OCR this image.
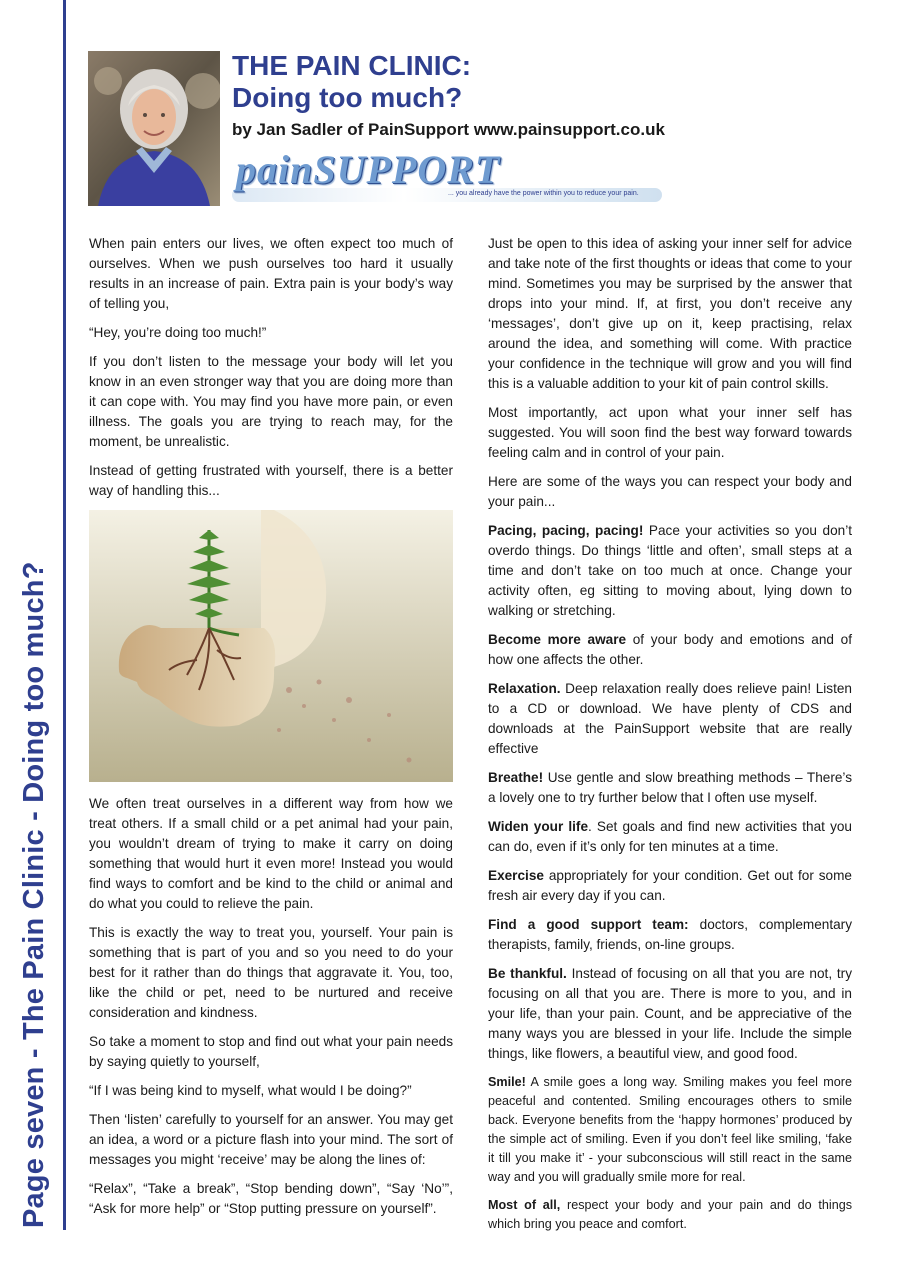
Page seven - The Pain Clinic - Doing too much?
THE PAIN CLINIC:
Doing too much?

by Jan Sadler of PainSupport www.painsupport.co.uk

painSUPPORT
... you already have the power within you to reduce your pain.

When pain enters our lives, we often expect too much of ourselves. When we push ourselves too hard it usually results in an increase of pain. Extra pain is your body’s way of telling you,

“Hey, you’re doing too much!”

If you don’t listen to the message your body will let you know in an even stronger way that you are doing more than it can cope with. You may find you have more pain, or even illness. The goals you are trying to reach may, for the moment, be unrealistic.

Instead of getting frustrated with yourself, there is a better way of handling this...

We often treat ourselves in a different way from how we treat others. If a small child or a pet animal had your pain, you wouldn’t dream of trying to make it carry on doing something that would hurt it even more! Instead you would find ways to comfort and be kind to the child or animal and do what you could to relieve the pain.

This is exactly the way to treat you, yourself. Your pain is something that is part of you and so you need to do your best for it rather than do things that aggravate it. You, too, like the child or pet, need to be nurtured and receive consideration and kindness.

So take a moment to stop and find out what your pain needs by saying quietly to yourself,

“If I was being kind to myself, what would I be doing?”

Then ‘listen’ carefully to yourself for an answer. You may get an idea, a word or a picture flash into your mind. The sort of messages you might ‘receive’ may be along the lines of:

“Relax”, “Take a break”, “Stop bending down”, “Say ‘No’”, “Ask for more help” or “Stop putting pressure on yourself”.

Just be open to this idea of asking your inner self for advice and take note of the first thoughts or ideas that come to your mind. Sometimes you may be surprised by the answer that drops into your mind. If, at first, you don’t receive any ‘messages’, don’t give up on it, keep practising, relax around the idea, and something will come. With practice your confidence in the technique will grow and you will find this is a valuable addition to your kit of pain control skills.

Most importantly, act upon what your inner self has suggested. You will soon find the best way forward towards feeling calm and in control of your pain.

Here are some of the ways you can respect your body and your pain...

Pacing, pacing, pacing! Pace your activities so you don’t overdo things. Do things ‘little and often’, small steps at a time and don’t take on too much at once. Change your activity often, eg sitting to moving about, lying down to walking or stretching.

Become more aware of your body and emotions and of how one affects the other.

Relaxation. Deep relaxation really does relieve pain! Listen to a CD or download. We have plenty of CDS and downloads at the PainSupport website that are really effective

Breathe! Use gentle and slow breathing methods – There’s a lovely one to try further below that I often use myself.

Widen your life. Set goals and find new activities that you can do, even if it’s only for ten minutes at a time.

Exercise appropriately for your condition. Get out for some fresh air every day if you can.

Find a good support team: doctors, complementary therapists, family, friends, on-line groups.

Be thankful. Instead of focusing on all that you are not, try focusing on all that you are. There is more to you, and in your life, than your pain. Count, and be appreciative of the many ways you are blessed in your life. Include the simple things, like flowers, a beautiful view, and good food.

Smile! A smile goes a long way. Smiling makes you feel more peaceful and contented. Smiling encourages others to smile back. Everyone benefits from the ‘happy hormones’ produced by the simple act of smiling. Even if you don’t feel like smiling, ‘fake it till you make it’ - your subconscious will still react in the same way and you will gradually smile more for real.

Most of all, respect your body and your pain and do things which bring you peace and comfort.
